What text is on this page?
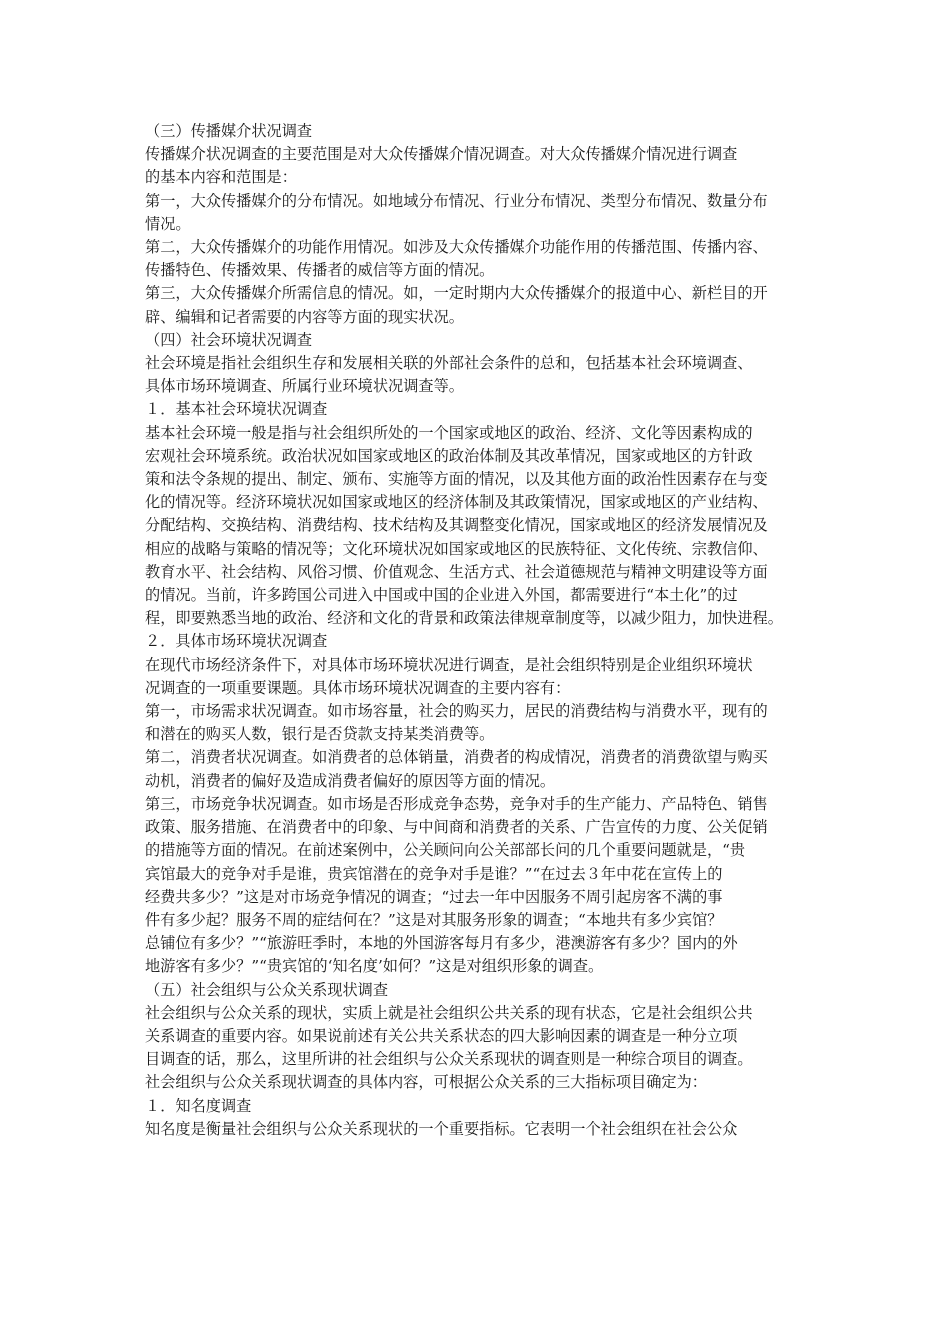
（三）传播媒介状况调查
传播媒介状况调查的主要范围是对大众传播媒介情况调查。对大众传播媒介情况进行调查
的基本内容和范围是：
第一，大众传播媒介的分布情况。如地域分布情况、行业分布情况、类型分布情况、数量分布
情况。
第二，大众传播媒介的功能作用情况。如涉及大众传播媒介功能作用的传播范围、传播内容、
传播特色、传播效果、传播者的威信等方面的情况。
第三，大众传播媒介所需信息的情况。如，一定时期内大众传播媒介的报道中心、新栏目的开
辟、编辑和记者需要的内容等方面的现实状况。
（四）社会环境状况调查
社会环境是指社会组织生存和发展相关联的外部社会条件的总和，包括基本社会环境调查、
具体市场环境调查、所属行业环境状况调查等。
１．基本社会环境状况调查
基本社会环境一般是指与社会组织所处的一个国家或地区的政治、经济、文化等因素构成的
宏观社会环境系统。政治状况如国家或地区的政治体制及其改革情况，国家或地区的方针政
策和法令条规的提出、制定、颁布、实施等方面的情况，以及其他方面的政治性因素存在与变
化的情况等。经济环境状况如国家或地区的经济体制及其政策情况，国家或地区的产业结构、
分配结构、交换结构、消费结构、技术结构及其调整变化情况，国家或地区的经济发展情况及
相应的战略与策略的情况等；文化环境状况如国家或地区的民族特征、文化传统、宗教信仰、
教育水平、社会结构、风俗习惯、价值观念、生活方式、社会道德规范与精神文明建设等方面
的情况。当前，许多跨国公司进入中国或中国的企业进入外国，都需要进行“本土化”的过
程，即要熟悉当地的政治、经济和文化的背景和政策法律规章制度等，以减少阻力，加快进程。
２．具体市场环境状况调查
在现代市场经济条件下，对具体市场环境状况进行调查，是社会组织特别是企业组织环境状
况调查的一项重要课题。具体市场环境状况调查的主要内容有：
第一，市场需求状况调查。如市场容量，社会的购买力，居民的消费结构与消费水平，现有的
和潜在的购买人数，银行是否贷款支持某类消费等。
第二，消费者状况调查。如消费者的总体销量，消费者的构成情况，消费者的消费欲望与购买
动机，消费者的偏好及造成消费者偏好的原因等方面的情况。
第三，市场竞争状况调查。如市场是否形成竞争态势，竞争对手的生产能力、产品特色、销售
政策、服务措施、在消费者中的印象、与中间商和消费者的关系、广告宣传的力度、公关促销
的措施等方面的情况。在前述案例中，公关顾问向公关部部长问的几个重要问题就是，“贵
宾馆最大的竞争对手是谁，贵宾馆潜在的竞争对手是谁？”“在过去３年中花在宣传上的
经费共多少？”这是对市场竞争情况的调查；“过去一年中因服务不周引起房客不满的事
件有多少起？服务不周的症结何在？”这是对其服务形象的调查；“本地共有多少宾馆？
总铺位有多少？”“旅游旺季时，本地的外国游客每月有多少，港澳游客有多少？国内的外
地游客有多少？”“贵宾馆的‘知名度’如何？”这是对组织形象的调查。
（五）社会组织与公众关系现状调查
社会组织与公众关系的现状，实质上就是社会组织公共关系的现有状态，它是社会组织公共
关系调查的重要内容。如果说前述有关公共关系状态的四大影响因素的调查是一种分立项
目调查的话，那么，这里所讲的社会组织与公众关系现状的调查则是一种综合项目的调查。
社会组织与公众关系现状调查的具体内容，可根据公众关系的三大指标项目确定为：
１．知名度调查
知名度是衡量社会组织与公众关系现状的一个重要指标。它表明一个社会组织在社会公众
